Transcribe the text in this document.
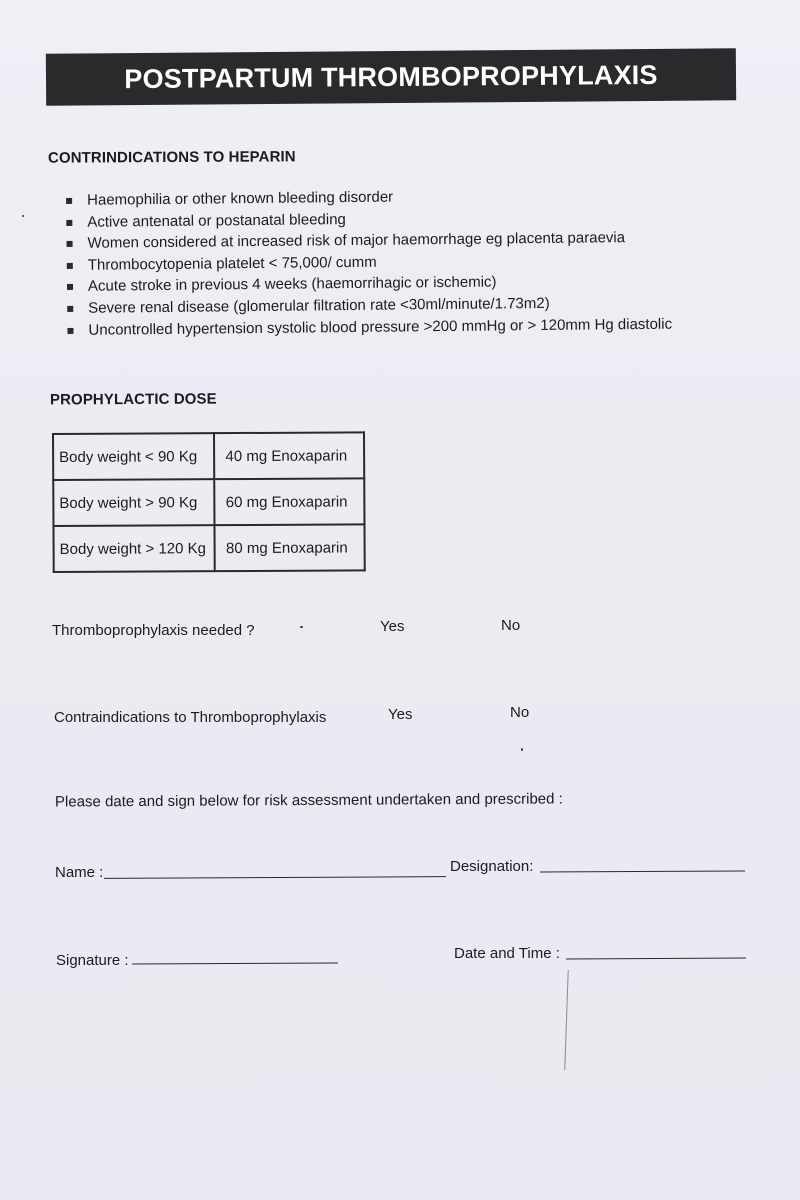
POSTPARTUM THROMBOPROPHYLAXIS
CONTRINDICATIONS TO HEPARIN
Haemophilia or other known bleeding disorder
Active antenatal or postanatal bleeding
Women considered at increased risk of major haemorrhage eg placenta paraevia
Thrombocytopenia platelet < 75,000/ cumm
Acute stroke in previous 4 weeks (haemorrihagic or ischemic)
Severe renal disease (glomerular filtration rate <30ml/minute/1.73m2)
Uncontrolled hypertension systolic blood pressure >200 mmHg or > 120mm Hg diastolic
PROPHYLACTIC DOSE
Body weight < 90 Kg	40 mg Enoxaparin
Body weight > 90 Kg	60 mg Enoxaparin
Body weight > 120 Kg	80 mg Enoxaparin
Thromboprophylaxis needed ?	Yes	No
Contraindications to Thromboprophylaxis	Yes	No
Please date and sign below for risk assessment undertaken and prescribed :
Name :	Designation:
Signature :	Date and Time :
